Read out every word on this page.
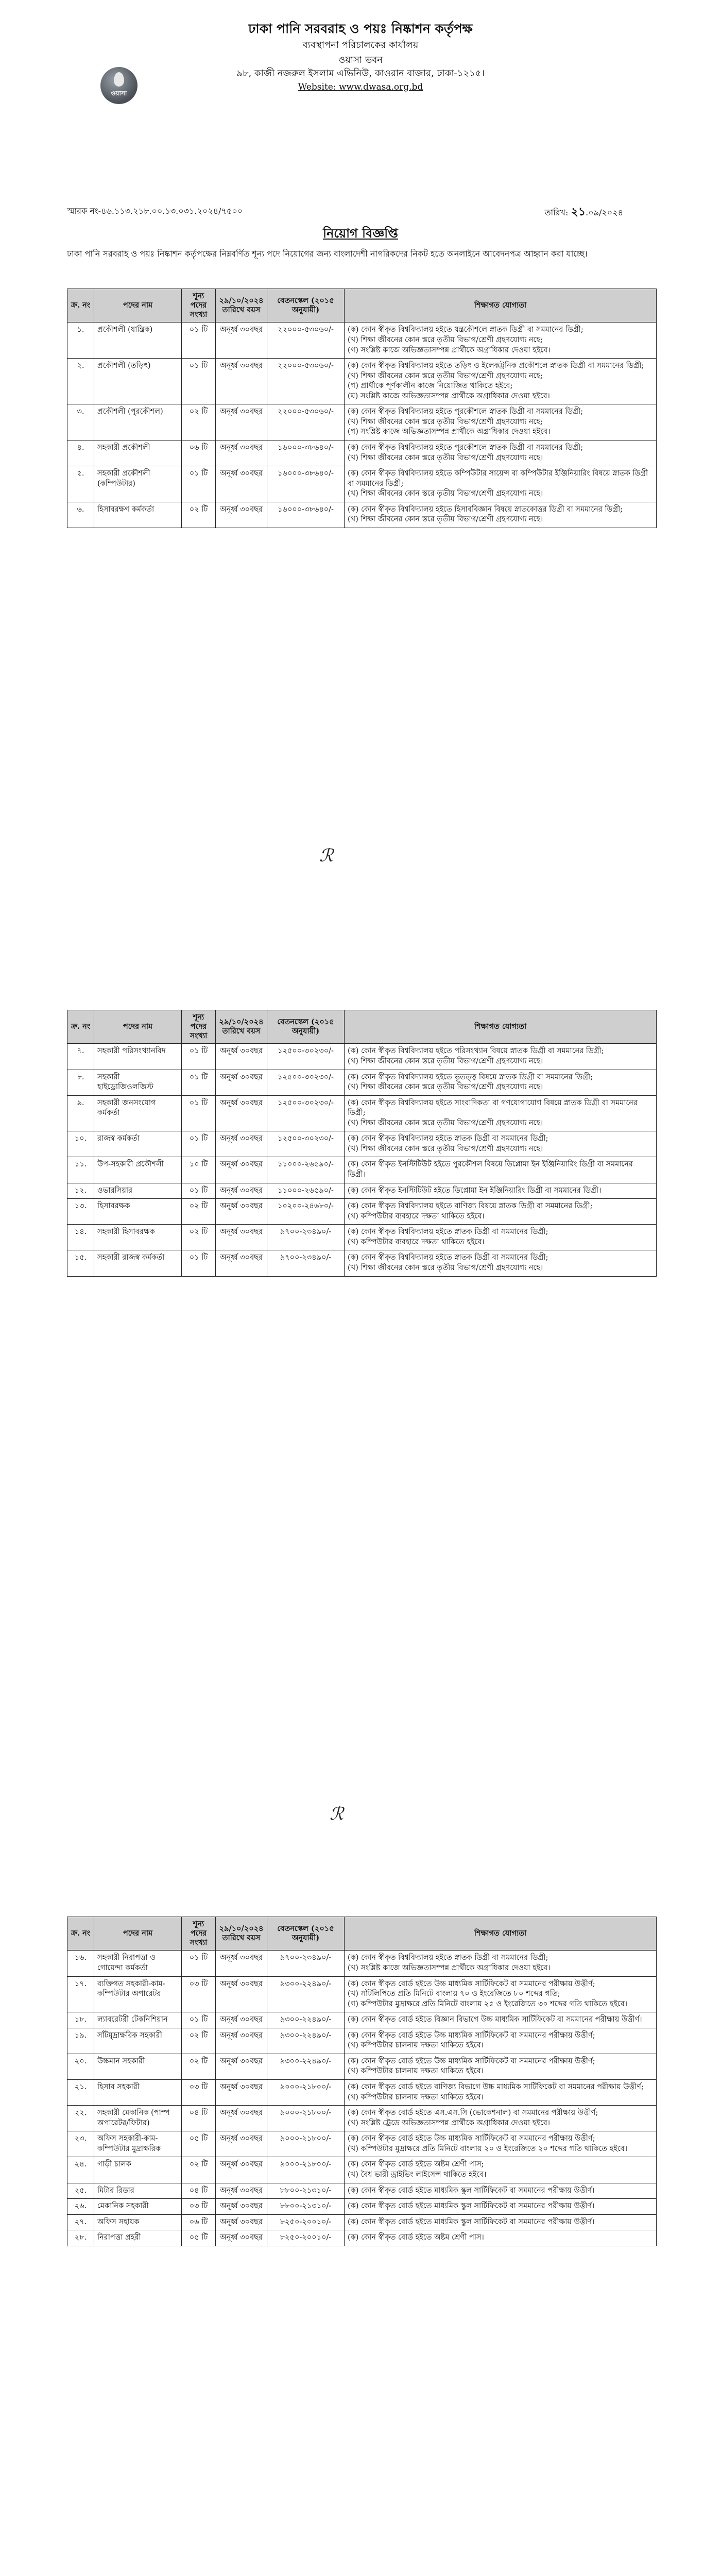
ওয়াসা
ঢাকা পানি সরবরাহ ও পয়ঃ নিষ্কাশন কর্তৃপক্ষ
ব্যবস্থাপনা পরিচালকের কার্যালয়
ওয়াসা ভবন
৯৮, কাজী নজরুল ইসলাম এভিনিউ, কাওরান বাজার, ঢাকা-১২১৫।
Website: www.dwasa.org.bd
স্মারক নং-৪৬.১১৩.২১৮.০০.১৩.০৩১.২০২৪/৭৫০০	তারিখ: ২১.০৯/২০২৪
নিয়োগ বিজ্ঞপ্তি
ঢাকা পানি সরবরাহ ও পয়ঃ নিষ্কাশন কর্তৃপক্ষের নিম্নবর্ণিত শূন্য পদে নিয়োগের জন্য বাংলাদেশী নাগরিকদের নিকট হতে অনলাইনে আবেদনপত্র আহ্বান করা যাচ্ছে।
ক্র. নং	পদের নাম	শূন্য পদের সংখ্যা	২৯/১০/২০২৪ তারিখে বয়স	বেতনস্কেল (২০১৫ অনুযায়ী)	শিক্ষাগত যোগ্যতা
১.	প্রকৌশলী (যান্ত্রিক)	০১ টি	অনূর্ধ্ব ৩০বছর	২২০০০-৫৩০৬০/-	(ক) কোন স্বীকৃত বিশ্ববিদ্যালয় হইতে যন্ত্রকৌশলে স্নাতক ডিগ্রী বা সমমানের ডিগ্রী;
(খ) শিক্ষা জীবনের কোন স্তরে তৃতীয় বিভাগ/শ্রেণী গ্রহণযোগ্য নহে;
(গ) সংশ্লিষ্ট কাজে অভিজ্ঞতাসম্পন্ন প্রার্থীকে অগ্রাধিকার দেওয়া হইবে।
২.	প্রকৌশলী (তড়িৎ)	০১ টি	অনূর্ধ্ব ৩০বছর	২২০০০-৫৩০৬০/-	(ক) কোন স্বীকৃত বিশ্ববিদ্যালয় হইতে তড়িৎ ও ইলেকট্রনিক প্রকৌশলে স্নাতক ডিগ্রী বা সমমানের ডিগ্রী;
(খ) শিক্ষা জীবনের কোন স্তরে তৃতীয় বিভাগ/শ্রেণী গ্রহণযোগ্য নহে;
(গ) প্রার্থীকে পূর্ণকালীন কাজে নিয়োজিত থাকিতে হইবে;
(ঘ) সংশ্লিষ্ট কাজে অভিজ্ঞতাসম্পন্ন প্রার্থীকে অগ্রাধিকার দেওয়া হইবে।
৩.	প্রকৌশলী (পুরকৌশল)	০২ টি	অনূর্ধ্ব ৩০বছর	২২০০০-৫৩০৬০/-	(ক) কোন স্বীকৃত বিশ্ববিদ্যালয় হইতে পুরকৌশলে স্নাতক ডিগ্রী বা সমমানের ডিগ্রী;
(খ) শিক্ষা জীবনের কোন স্তরে তৃতীয় বিভাগ/শ্রেণী গ্রহণযোগ্য নহে;
(গ) সংশ্লিষ্ট কাজে অভিজ্ঞতাসম্পন্ন প্রার্থীকে অগ্রাধিকার দেওয়া হইবে।
৪.	সহকারী প্রকৌশলী	০৬ টি	অনূর্ধ্ব ৩০বছর	১৬০০০-৩৮৬৪০/-	(ক) কোন স্বীকৃত বিশ্ববিদ্যালয় হইতে পুরকৌশলে স্নাতক ডিগ্রী বা সমমানের ডিগ্রী;
(খ) শিক্ষা জীবনের কোন স্তরে তৃতীয় বিভাগ/শ্রেণী গ্রহণযোগ্য নহে।
৫.	সহকারী প্রকৌশলী (কম্পিউটার)	০১ টি	অনূর্ধ্ব ৩০বছর	১৬০০০-৩৮৬৪০/-	(ক) কোন স্বীকৃত বিশ্ববিদ্যালয় হইতে কম্পিউটার সায়েন্স বা কম্পিউটার ইঞ্জিনিয়ারিং বিষয়ে স্নাতক ডিগ্রী বা সমমানের ডিগ্রী;
(খ) শিক্ষা জীবনের কোন স্তরে তৃতীয় বিভাগ/শ্রেণী গ্রহণযোগ্য নহে।
৬.	হিসাবরক্ষণ কর্মকর্তা	০২ টি	অনূর্ধ্ব ৩০বছর	১৬০০০-৩৮৬৪০/-	(ক) কোন স্বীকৃত বিশ্ববিদ্যালয় হইতে হিসাববিজ্ঞান বিষয়ে স্নাতকোত্তর ডিগ্রী বা সমমানের ডিগ্রী;
(খ) শিক্ষা জীবনের কোন স্তরে তৃতীয় বিভাগ/শ্রেণী গ্রহণযোগ্য নহে।
ℛ
ক্র. নং	পদের নাম	শূন্য পদের সংখ্যা	২৯/১০/২০২৪ তারিখে বয়স	বেতনস্কেল (২০১৫ অনুযায়ী)	শিক্ষাগত যোগ্যতা
৭.	সহকারী পরিসংখ্যানবিদ	০১ টি	অনূর্ধ্ব ৩০বছর	১২৫০০-৩০২৩০/-	(ক) কোন স্বীকৃত বিশ্ববিদ্যালয় হইতে পরিসংখ্যান বিষয়ে স্নাতক ডিগ্রী বা সমমানের ডিগ্রী;
(খ) শিক্ষা জীবনের কোন স্তরে তৃতীয় বিভাগ/শ্রেণী গ্রহণযোগ্য নহে।
৮.	সহকারী হাইড্রোজিওলজিস্ট	০১ টি	অনূর্ধ্ব ৩০বছর	১২৫০০-৩০২৩০/-	(ক) কোন স্বীকৃত বিশ্ববিদ্যালয় হইতে ভূতত্ত্ব বিষয়ে স্নাতক ডিগ্রী বা সমমানের ডিগ্রী;
(খ) শিক্ষা জীবনের কোন স্তরে তৃতীয় বিভাগ/শ্রেণী গ্রহণযোগ্য নহে।
৯.	সহকারী জনসংযোগ কর্মকর্তা	০১ টি	অনূর্ধ্ব ৩০বছর	১২৫০০-৩০২৩০/-	(ক) কোন স্বীকৃত বিশ্ববিদ্যালয় হইতে সাংবাদিকতা বা গণযোগাযোগ বিষয়ে স্নাতক ডিগ্রী বা সমমানের ডিগ্রী;
(খ) শিক্ষা জীবনের কোন স্তরে তৃতীয় বিভাগ/শ্রেণী গ্রহণযোগ্য নহে।
১০.	রাজস্ব কর্মকর্তা	০১ টি	অনূর্ধ্ব ৩০বছর	১২৫০০-৩০২৩০/-	(ক) কোন স্বীকৃত বিশ্ববিদ্যালয় হইতে স্নাতক ডিগ্রী বা সমমানের ডিগ্রী;
(খ) শিক্ষা জীবনের কোন স্তরে তৃতীয় বিভাগ/শ্রেণী গ্রহণযোগ্য নহে।
১১.	উপ-সহকারী প্রকৌশলী	১০ টি	অনূর্ধ্ব ৩০বছর	১১০০০-২৬৫৯০/-	(ক) কোন স্বীকৃত ইনস্টিটিউট হইতে পুরকৌশল বিষয়ে ডিপ্লোমা ইন ইঞ্জিনিয়ারিং ডিগ্রী বা সমমানের ডিগ্রী।
১২.	ওভারসিয়ার	০১ টি	অনূর্ধ্ব ৩০বছর	১১০০০-২৬৫৯০/-	(ক) কোন স্বীকৃত ইনস্টিটিউট হইতে ডিপ্লোমা ইন ইঞ্জিনিয়ারিং ডিগ্রী বা সমমানের ডিগ্রী।
১৩.	হিসাবরক্ষক	০২ টি	অনূর্ধ্ব ৩০বছর	১০২০০-২৪৬৮০/-	(ক) কোন স্বীকৃত বিশ্ববিদ্যালয় হইতে বাণিজ্য বিষয়ে স্নাতক ডিগ্রী বা সমমানের ডিগ্রী;
(খ) কম্পিউটার ব্যবহারে দক্ষতা থাকিতে হইবে।
১৪.	সহকারী হিসাবরক্ষক	০২ টি	অনূর্ধ্ব ৩০বছর	৯৭০০-২৩৪৯০/-	(ক) কোন স্বীকৃত বিশ্ববিদ্যালয় হইতে স্নাতক ডিগ্রী বা সমমানের ডিগ্রী;
(খ) কম্পিউটার ব্যবহারে দক্ষতা থাকিতে হইবে।
১৫.	সহকারী রাজস্ব কর্মকর্তা	০১ টি	অনূর্ধ্ব ৩০বছর	৯৭০০-২৩৪৯০/-	(ক) কোন স্বীকৃত বিশ্ববিদ্যালয় হইতে স্নাতক ডিগ্রী বা সমমানের ডিগ্রী;
(খ) শিক্ষা জীবনের কোন স্তরে তৃতীয় বিভাগ/শ্রেণী গ্রহণযোগ্য নহে।
ℛ
ক্র. নং	পদের নাম	শূন্য পদের সংখ্যা	২৯/১০/২০২৪ তারিখে বয়স	বেতনস্কেল (২০১৫ অনুযায়ী)	শিক্ষাগত যোগ্যতা
১৬.	সহকারী নিরাপত্তা ও গোয়েন্দা কর্মকর্তা	০১ টি	অনূর্ধ্ব ৩০বছর	৯৭০০-২৩৪৯০/-	(ক) কোন স্বীকৃত বিশ্ববিদ্যালয় হইতে স্নাতক ডিগ্রী বা সমমানের ডিগ্রী;
(খ) সংশ্লিষ্ট কাজে অভিজ্ঞতাসম্পন্ন প্রার্থীকে অগ্রাধিকার দেওয়া হইবে।
১৭.	ব্যক্তিগত সহকারী-কাম-কম্পিউটার অপারেটর	০৩ টি	অনূর্ধ্ব ৩০বছর	৯৩০০-২২৪৯০/-	(ক) কোন স্বীকৃত বোর্ড হইতে উচ্চ মাধ্যমিক সার্টিফিকেট বা সমমানের পরীক্ষায় উত্তীর্ণ;
(খ) সাঁটলিপিতে প্রতি মিনিটে বাংলায় ৭০ ও ইংরেজিতে ৮০ শব্দের গতি;
(গ) কম্পিউটার মুদ্রাক্ষরে প্রতি মিনিটে বাংলায় ২৫ ও ইংরেজিতে ৩০ শব্দের গতি থাকিতে হইবে।
১৮.	ল্যাবরেটরী টেকনিশিয়ান	০১ টি	অনূর্ধ্ব ৩০বছর	৯৩০০-২২৪৯০/-	(ক) কোন স্বীকৃত বোর্ড হইতে বিজ্ঞান বিভাগে উচ্চ মাধ্যমিক সার্টিফিকেট বা সমমানের পরীক্ষায় উত্তীর্ণ।
১৯.	সাঁটমুদ্রাক্ষরিক সহকারী	০২ টি	অনূর্ধ্ব ৩০বছর	৯৩০০-২২৪৯০/-	(ক) কোন স্বীকৃত বোর্ড হইতে উচ্চ মাধ্যমিক সার্টিফিকেট বা সমমানের পরীক্ষায় উত্তীর্ণ;
(খ) কম্পিউটার চালনায় দক্ষতা থাকিতে হইবে।
২০.	উচ্চমান সহকারী	০২ টি	অনূর্ধ্ব ৩০বছর	৯৩০০-২২৪৯০/-	(ক) কোন স্বীকৃত বোর্ড হইতে উচ্চ মাধ্যমিক সার্টিফিকেট বা সমমানের পরীক্ষায় উত্তীর্ণ;
(খ) কম্পিউটার চালনায় দক্ষতা থাকিতে হইবে।
২১.	হিসাব সহকারী	০৩ টি	অনূর্ধ্ব ৩০বছর	৯০০০-২১৮০০/-	(ক) কোন স্বীকৃত বোর্ড হইতে বাণিজ্য বিভাগে উচ্চ মাধ্যমিক সার্টিফিকেট বা সমমানের পরীক্ষায় উত্তীর্ণ;
(খ) কম্পিউটার চালনায় দক্ষতা থাকিতে হইবে।
২২.	সহকারী মেকানিক (পাম্প অপারেটর/ফিটার)	০৪ টি	অনূর্ধ্ব ৩০বছর	৯০০০-২১৮০০/-	(ক) কোন স্বীকৃত বোর্ড হইতে এস.এস.সি (ভোকেশনাল) বা সমমানের পরীক্ষায় উত্তীর্ণ;
(খ) সংশ্লিষ্ট ট্রেডে অভিজ্ঞতাসম্পন্ন প্রার্থীকে অগ্রাধিকার দেওয়া হইবে।
২৩.	অফিস সহকারী-কাম-কম্পিউটার মুদ্রাক্ষরিক	০৫ টি	অনূর্ধ্ব ৩০বছর	৯০০০-২১৮০০/-	(ক) কোন স্বীকৃত বোর্ড হইতে উচ্চ মাধ্যমিক সার্টিফিকেট বা সমমানের পরীক্ষায় উত্তীর্ণ;
(খ) কম্পিউটার মুদ্রাক্ষরে প্রতি মিনিটে বাংলায় ২০ ও ইংরেজিতে ২০ শব্দের গতি থাকিতে হইবে।
২৪.	গাড়ী চালক	০২ টি	অনূর্ধ্ব ৩০বছর	৯০০০-২১৮০০/-	(ক) কোন স্বীকৃত বোর্ড হইতে অষ্টম শ্রেণী পাস;
(খ) বৈধ ভারী ড্রাইভিং লাইসেন্স থাকিতে হইবে।
২৫.	মিটার রিডার	০৪ টি	অনূর্ধ্ব ৩০বছর	৮৮০০-২১৩১০/-	(ক) কোন স্বীকৃত বোর্ড হইতে মাধ্যমিক স্কুল সার্টিফিকেট বা সমমানের পরীক্ষায় উত্তীর্ণ।
২৬.	মেকানিক সহকারী	০৩ টি	অনূর্ধ্ব ৩০বছর	৮৮০০-২১৩১০/-	(ক) কোন স্বীকৃত বোর্ড হইতে মাধ্যমিক স্কুল সার্টিফিকেট বা সমমানের পরীক্ষায় উত্তীর্ণ।
২৭.	অফিস সহায়ক	০৬ টি	অনূর্ধ্ব ৩০বছর	৮২৫০-২০০১০/-	(ক) কোন স্বীকৃত বোর্ড হইতে মাধ্যমিক স্কুল সার্টিফিকেট বা সমমানের পরীক্ষায় উত্তীর্ণ।
২৮.	নিরাপত্তা প্রহরী	০৫ টি	অনূর্ধ্ব ৩০বছর	৮২৫০-২০০১০/-	(ক) কোন স্বীকৃত বোর্ড হইতে অষ্টম শ্রেণী পাস।
